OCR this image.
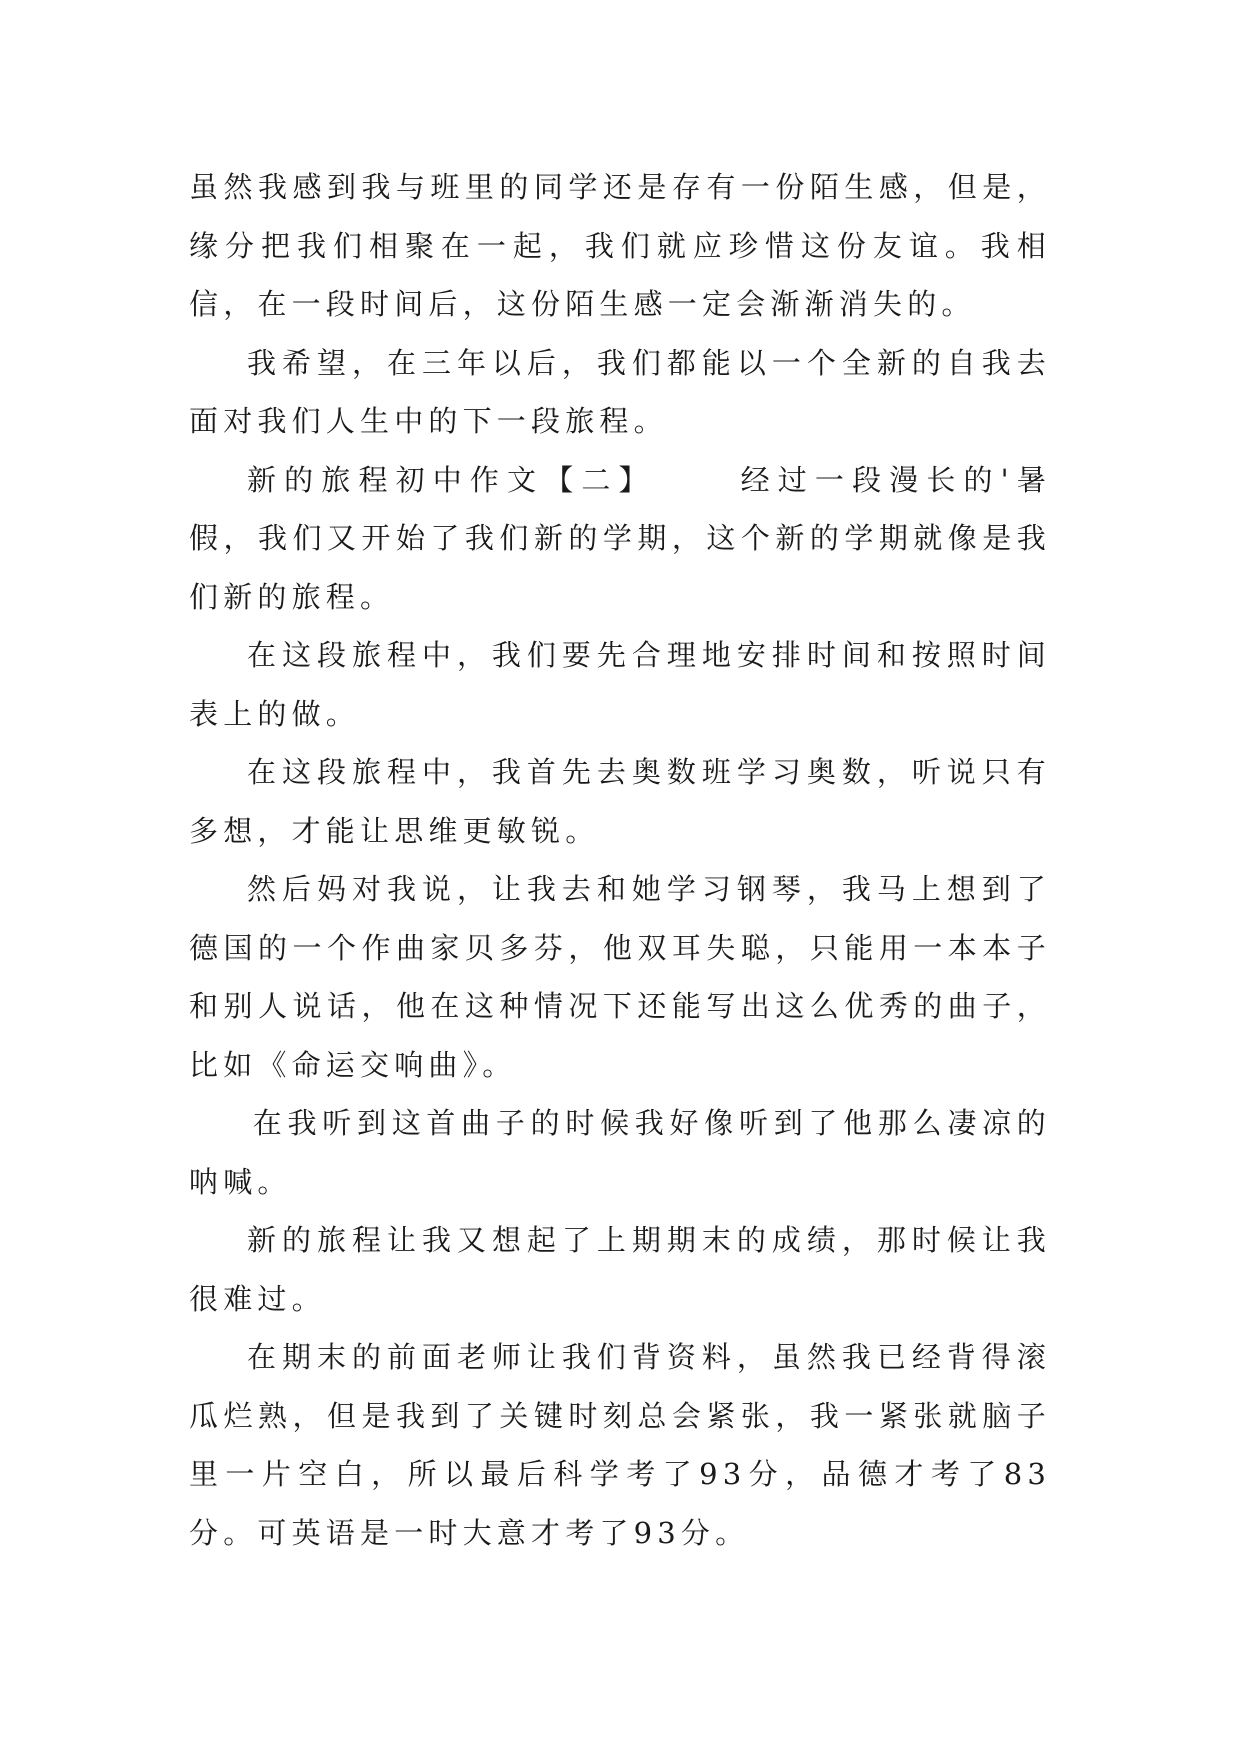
虽然我感到我与班里的同学还是存有一份陌生感，但是，缘分把我们相聚在一起，我们就应珍惜这份友谊。我相信，在一段时间后，这份陌生感一定会渐渐消失的。

我希望，在三年以后，我们都能以一个全新的自我去面对我们人生中的下一段旅程。

新的旅程初中作文【二】	经过一段漫长的'暑假，我们又开始了我们新的学期，这个新的学期就像是我们新的旅程。

在这段旅程中，我们要先合理地安排时间和按照时间表上的做。

在这段旅程中，我首先去奥数班学习奥数，听说只有多想，才能让思维更敏锐。

然后妈对我说，让我去和她学习钢琴，我马上想到了德国的一个作曲家贝多芬，他双耳失聪，只能用一本本子和别人说话，他在这种情况下还能写出这么优秀的曲子，比如《命运交响曲》。

在我听到这首曲子的时候我好像听到了他那么凄凉的呐喊。

新的旅程让我又想起了上期期末的成绩，那时候让我很难过。

在期末的前面老师让我们背资料，虽然我已经背得滚瓜烂熟，但是我到了关键时刻总会紧张，我一紧张就脑子里一片空白，所以最后科学考了93分，品德才考了83分。可英语是一时大意才考了93分。
